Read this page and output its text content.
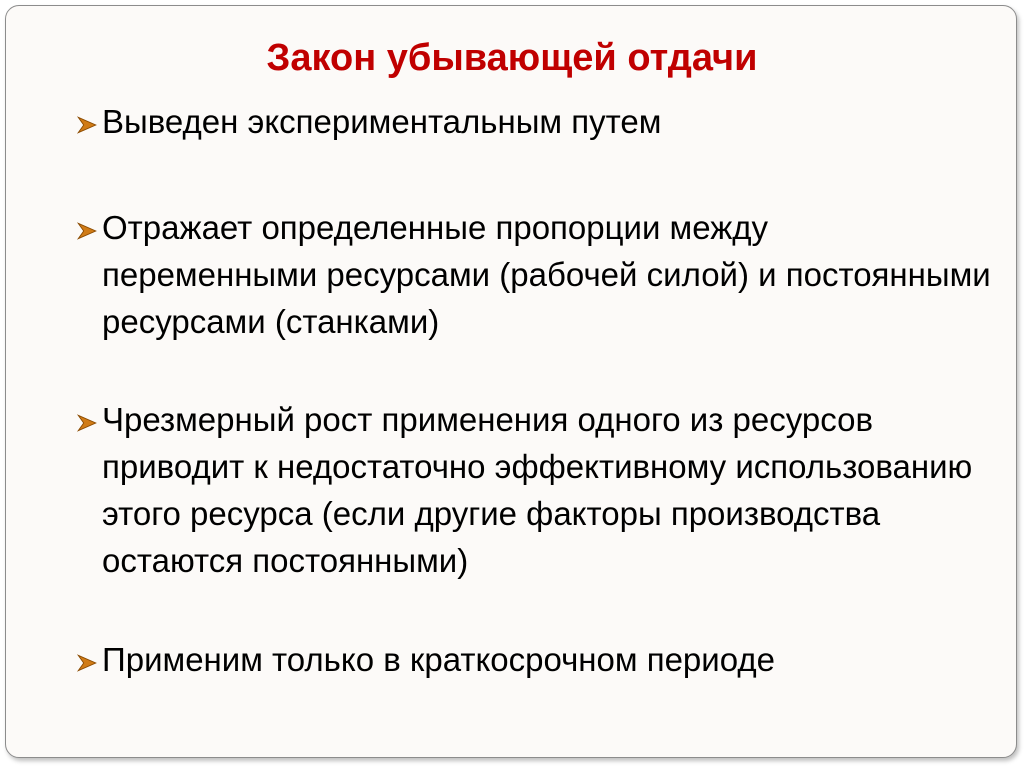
Закон убывающей отдачи
Выведен экспериментальным путем
Отражает определенные пропорции между переменными ресурсами (рабочей силой) и постоянными ресурсами (станками)
Чрезмерный рост применения одного из ресурсов приводит к недостаточно эффективному использованию этого ресурса (если другие факторы производства остаются постоянными)
Применим только в краткосрочном периоде
